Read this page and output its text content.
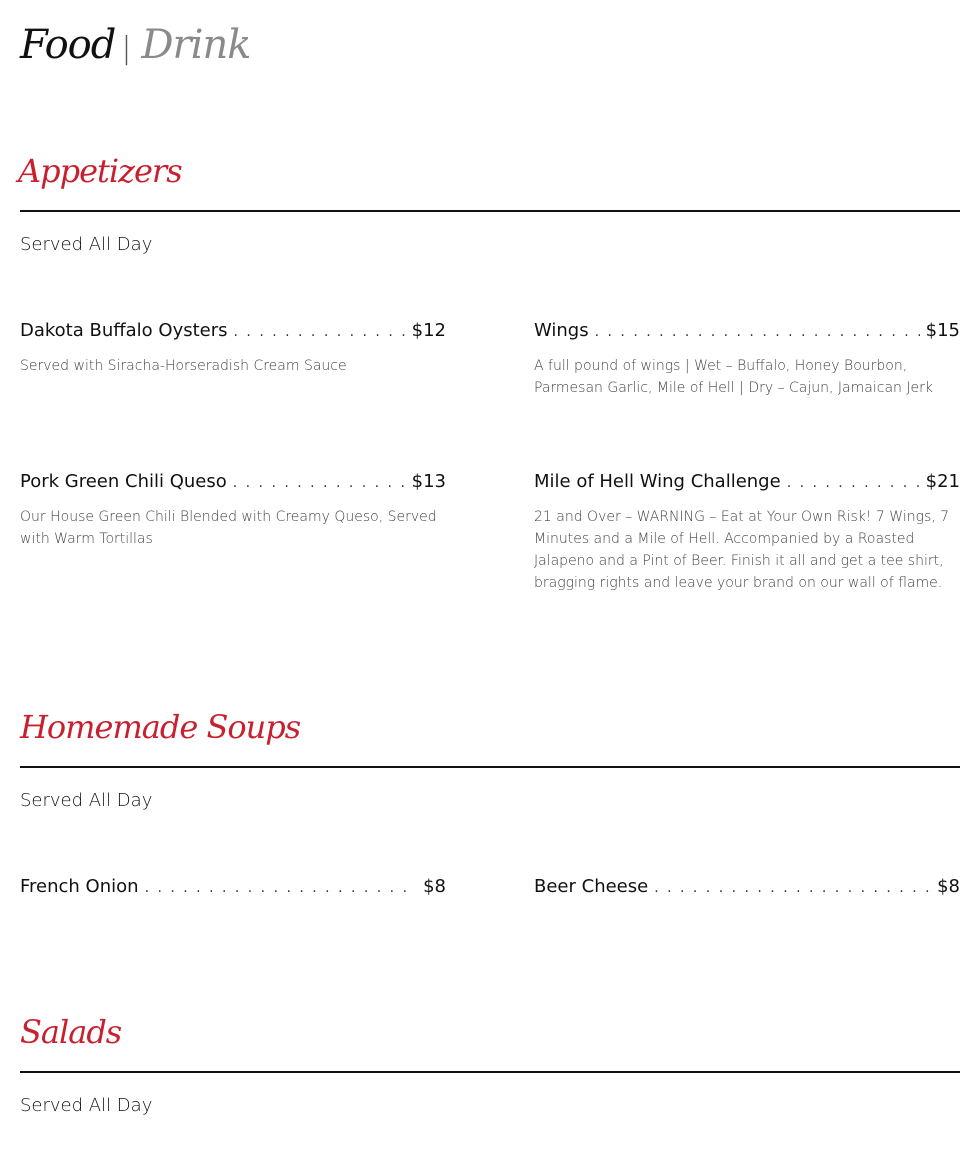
Food | Drink
Appetizers
Served All Day
Dakota Buffalo Oysters . . .	$12
Served with Siracha-Horseradish Cream Sauce
Wings . . .	$15
A full pound of wings | Wet – Buffalo, Honey Bourbon, Parmesan Garlic, Mile of Hell | Dry – Cajun, Jamaican Jerk
Pork Green Chili Queso . . .	$13
Our House Green Chili Blended with Creamy Queso, Served with Warm Tortillas
Mile of Hell Wing Challenge . . .	$21
21 and Over – WARNING – Eat at Your Own Risk! 7 Wings, 7 Minutes and a Mile of Hell. Accompanied by a Roasted Jalapeno and a Pint of Beer. Finish it all and get a tee shirt, bragging rights and leave your brand on our wall of flame.
Homemade Soups
Served All Day
French Onion . . .	$8	Beer Cheese . . .	$8
Salads
Served All Day
